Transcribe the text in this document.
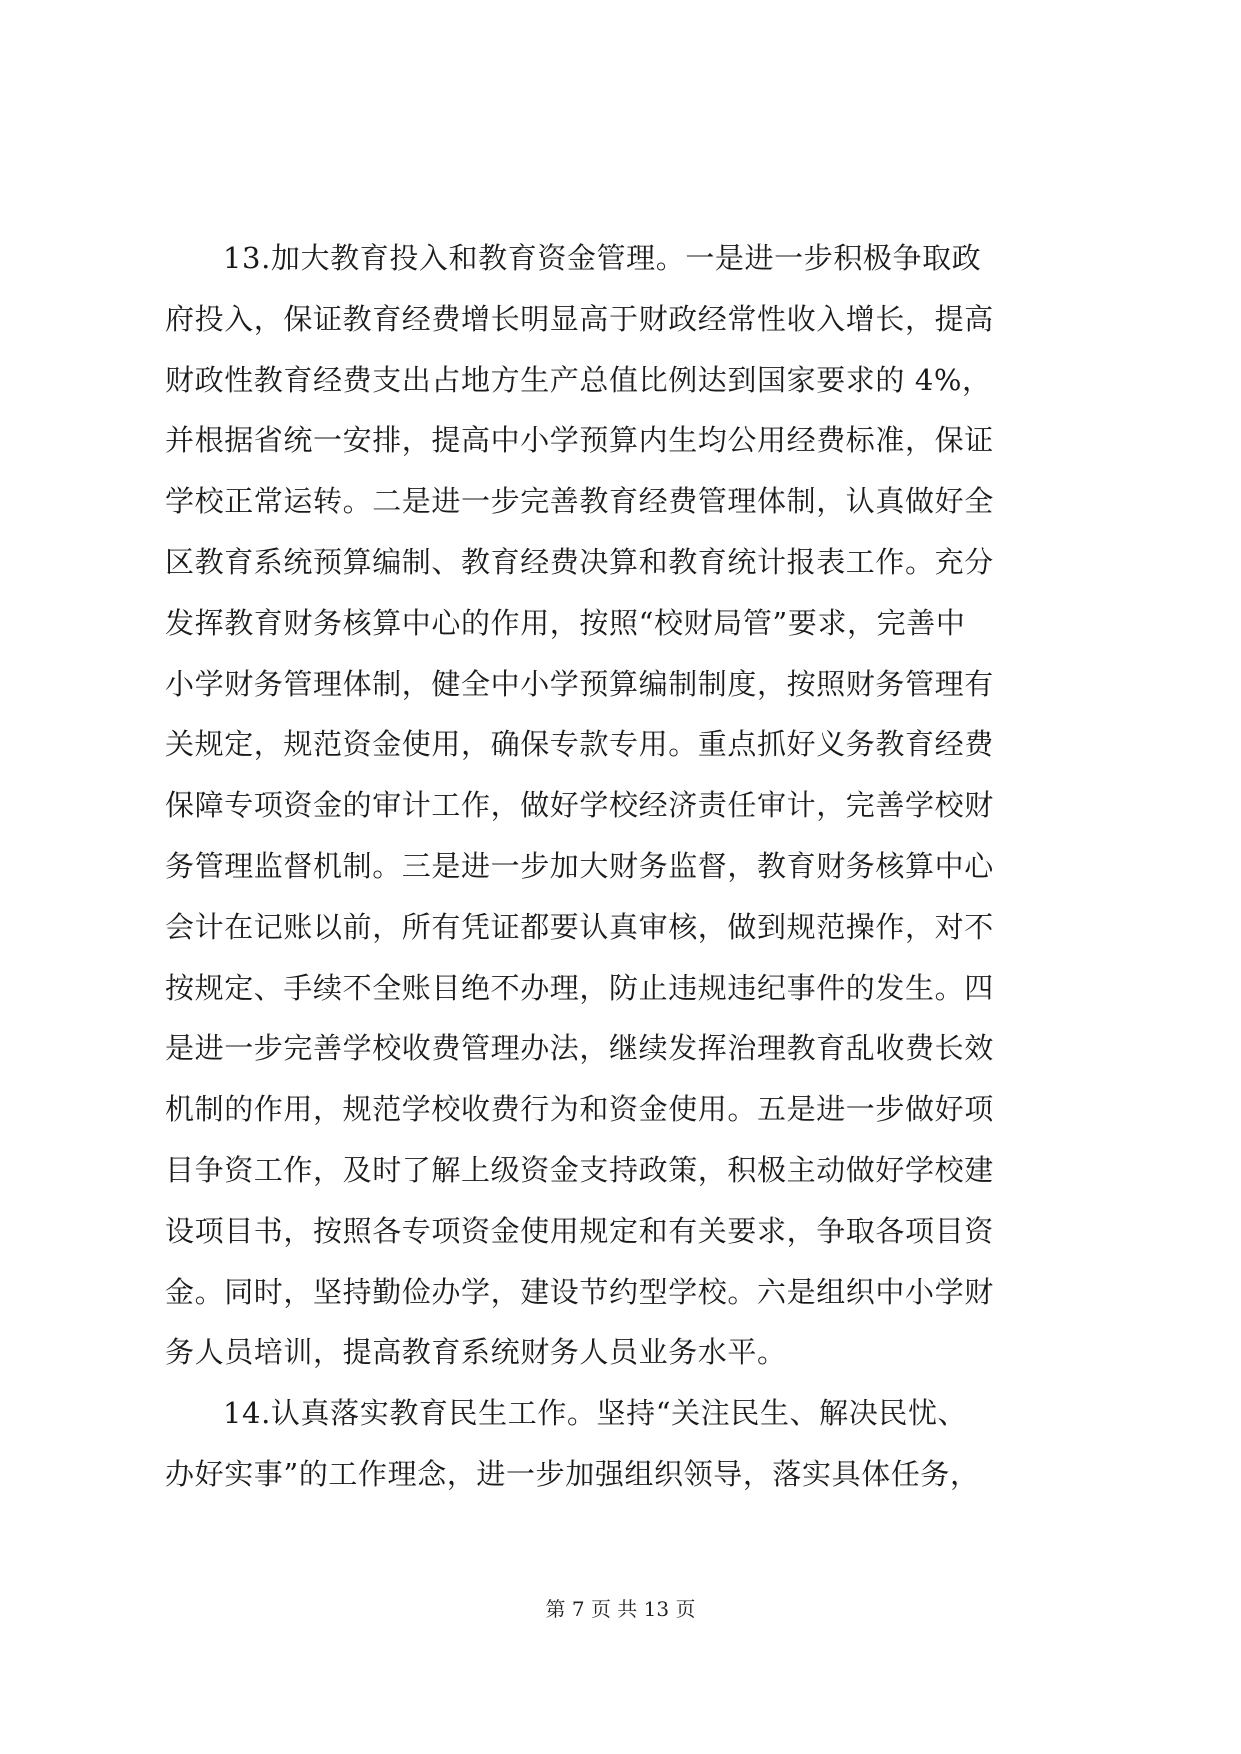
13.加大教育投入和教育资金管理。一是进一步积极争取政
府投入，保证教育经费增长明显高于财政经常性收入增长，提高
财政性教育经费支出占地方生产总值比例达到国家要求的 4%，
并根据省统一安排，提高中小学预算内生均公用经费标准，保证
学校正常运转。二是进一步完善教育经费管理体制，认真做好全
区教育系统预算编制、教育经费决算和教育统计报表工作。充分
发挥教育财务核算中心的作用，按照“校财局管”要求，完善中
小学财务管理体制，健全中小学预算编制制度，按照财务管理有
关规定，规范资金使用，确保专款专用。重点抓好义务教育经费
保障专项资金的审计工作，做好学校经济责任审计，完善学校财
务管理监督机制。三是进一步加大财务监督，教育财务核算中心
会计在记账以前，所有凭证都要认真审核，做到规范操作，对不
按规定、手续不全账目绝不办理，防止违规违纪事件的发生。四
是进一步完善学校收费管理办法，继续发挥治理教育乱收费长效
机制的作用，规范学校收费行为和资金使用。五是进一步做好项
目争资工作，及时了解上级资金支持政策，积极主动做好学校建
设项目书，按照各专项资金使用规定和有关要求，争取各项目资
金。同时，坚持勤俭办学，建设节约型学校。六是组织中小学财
务人员培训，提高教育系统财务人员业务水平。
14.认真落实教育民生工作。坚持“关注民生、解决民忧、
办好实事”的工作理念，进一步加强组织领导，落实具体任务，
第 7 页 共 13 页
